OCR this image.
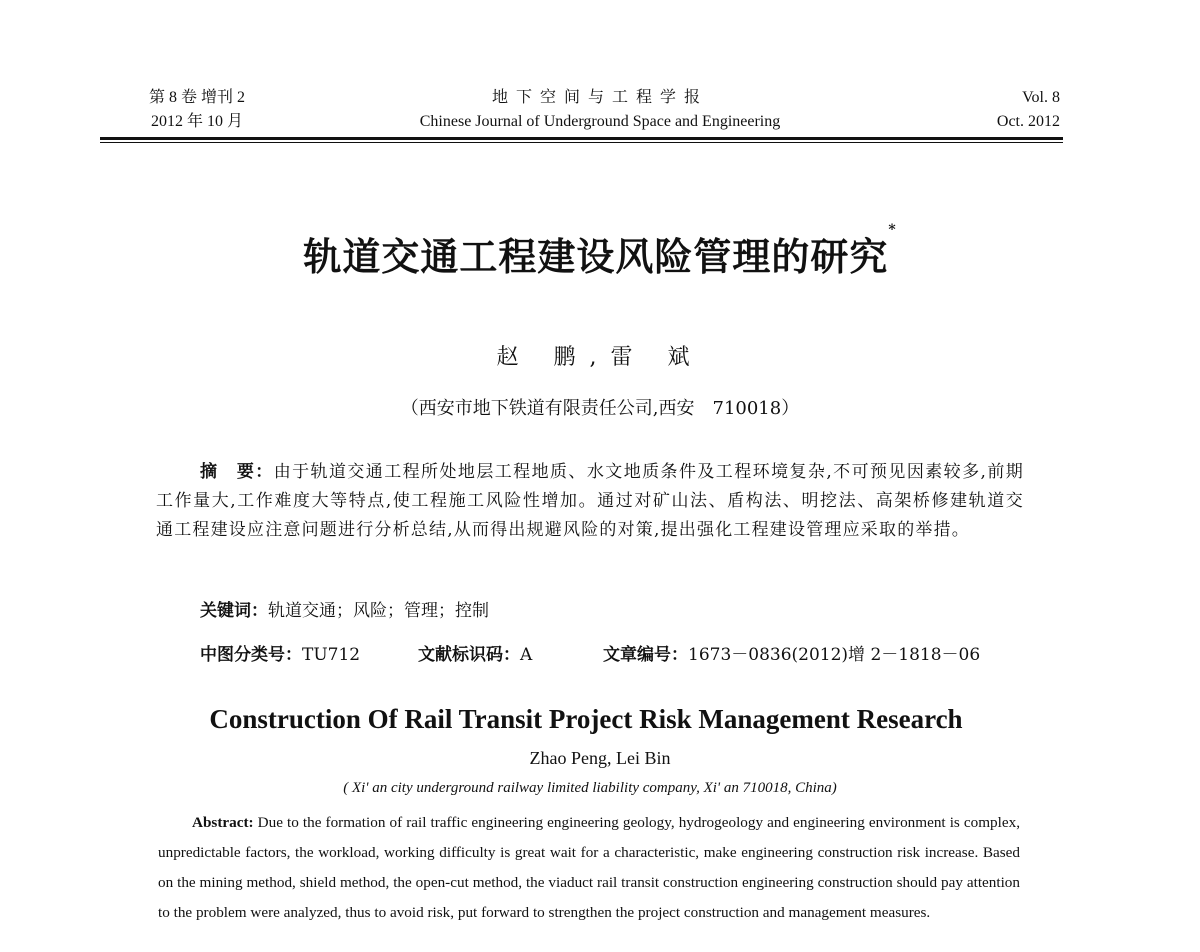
第 8 卷 增刊 2
2012 年 10 月
地下空间与工程学报
Chinese Journal of Underground Space and Engineering
Vol. 8
Oct. 2012
轨道交通工程建设风险管理的研究*
赵 鹏,雷 斌
（西安市地下铁道有限责任公司,西安　710018）
摘　要：由于轨道交通工程所处地层工程地质、水文地质条件及工程环境复杂,不可预见因素较多,前期工作量大,工作难度大等特点,使工程施工风险性增加。通过对矿山法、盾构法、明挖法、高架桥修建轨道交通工程建设应注意问题进行分析总结,从而得出规避风险的对策,提出强化工程建设管理应采取的举措。
关键词：轨道交通；风险；管理；控制
中图分类号：TU712	文献标识码：A	文章编号：1673－0836(2012)增 2－1818－06
Construction Of Rail Transit Project Risk Management Research
Zhao Peng, Lei Bin
( Xi' an city underground railway limited liability company, Xi' an 710018, China)
Abstract: Due to the formation of rail traffic engineering engineering geology, hydrogeology and engineering environment is complex, unpredictable factors, the workload, working difficulty is great wait for a characteristic, make engineering construction risk increase. Based on the mining method, shield method, the open-cut method, the viaduct rail transit construction engineering construction should pay attention to the problem were analyzed, thus to avoid risk, put forward to strengthen the project construction and management measures.
